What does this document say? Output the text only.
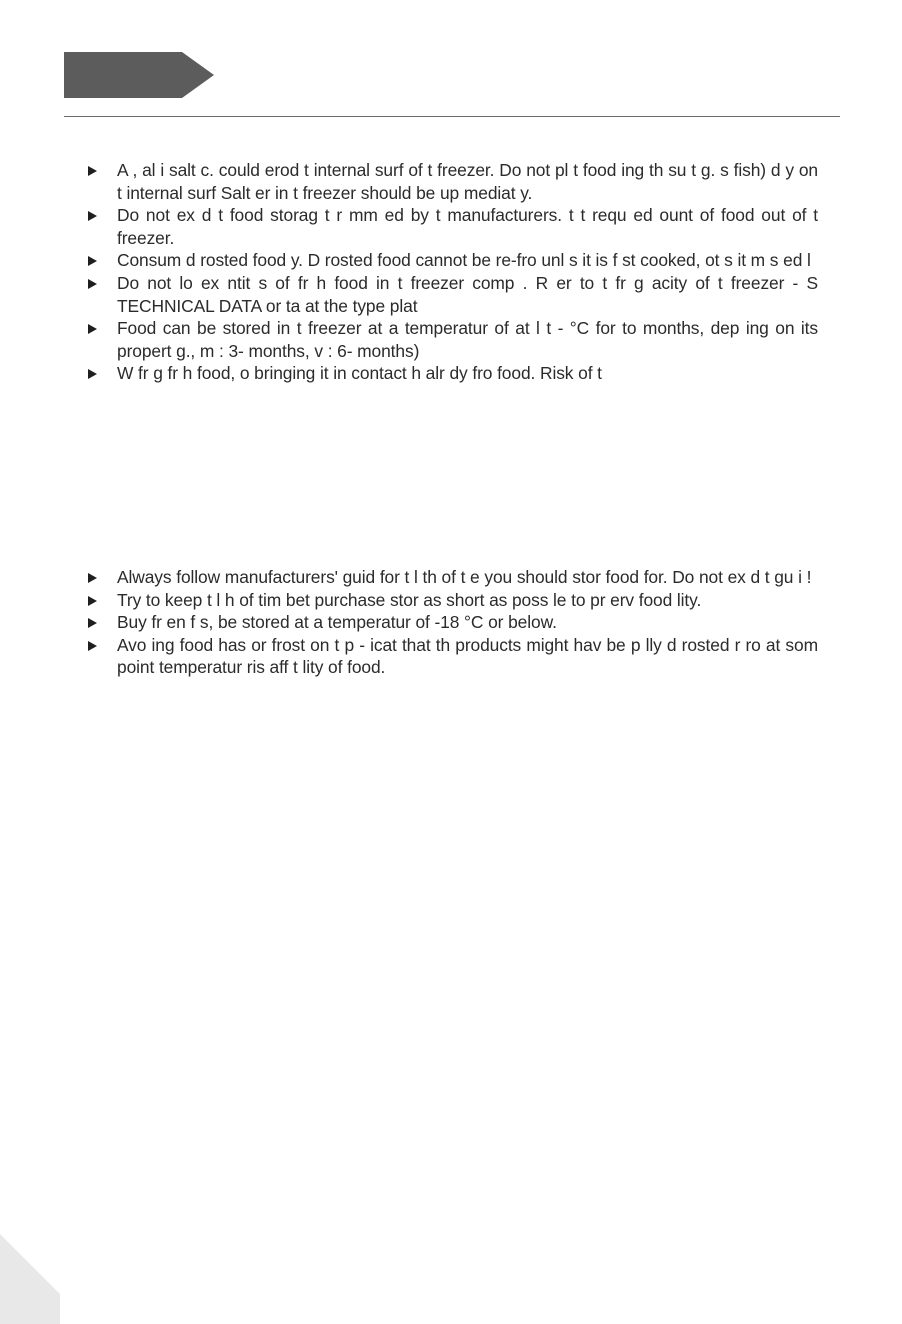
A , al i salt c. could erod t internal surf of t freezer. Do not pl t food ing th su t g. s fish) d y on t internal surf Salt er in t freezer should be up mediat y.
Do not ex d t food storag t r mm ed by t manufacturers. t t requ ed ount of food out of t freezer.
Consum d rosted food y. D rosted food cannot be re-fro unl s it is f st cooked, ot s it m s ed l
Do not lo ex ntit s of fr h food in t freezer comp . R er to t fr g acity of t freezer - S TECHNICAL DATA or ta at the type plat
Food can be stored in t freezer at a temperatur of at l t - °C for to months, dep ing on its propert g., m : 3- months, v : 6- months)
W fr g fr h food, o bringing it in contact h alr dy fro food. Risk of t
Always follow manufacturers' guid for t l th of t e you should stor food for. Do not ex d t gu i !
Try to keep t l h of tim bet purchase stor as short as poss le to pr erv food lity.
Buy fr en f s, be stored at a temperatur of -18 °C or below.
Avo ing food has or frost on t p - icat that th products might hav be p lly d rosted r ro at som point temperatur ris aff t lity of food.
